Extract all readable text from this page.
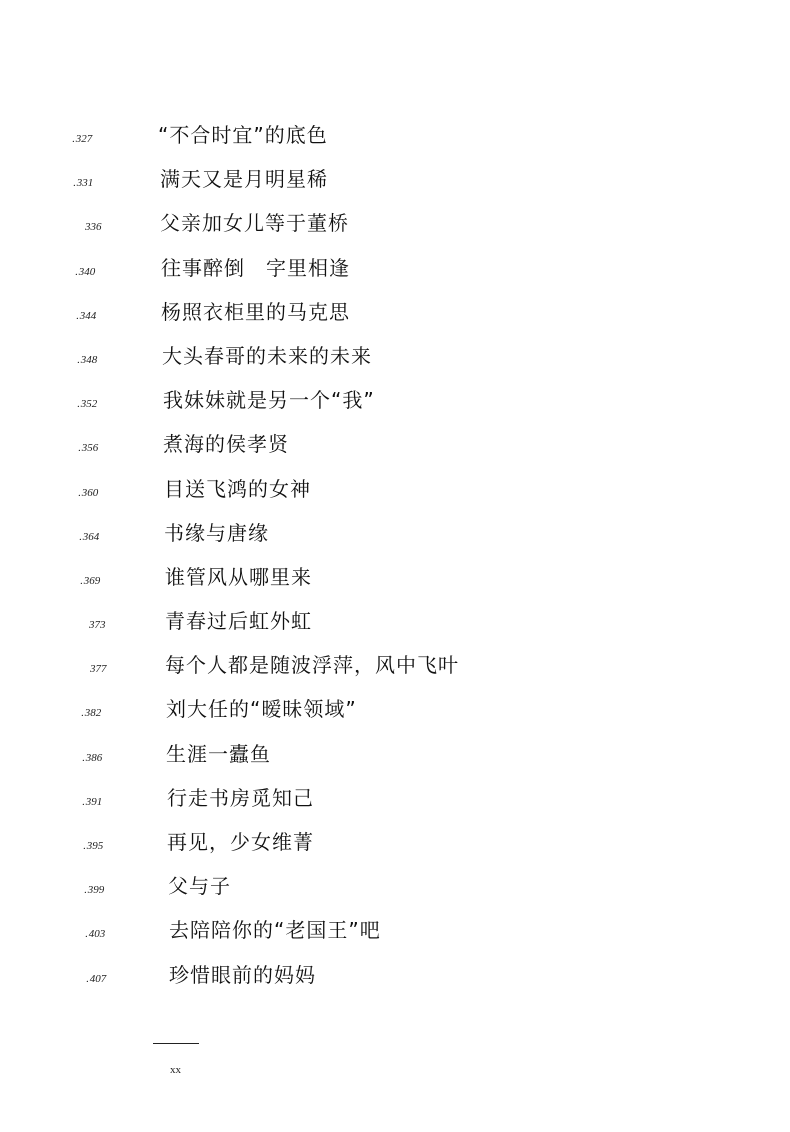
. 327	“不合时宜”的底色
. 331	满天又是月明星稀
336	父亲加女儿等于董桥
. 340	往事醉倒　字里相逢
. 344	杨照衣柜里的马克思
. 348	大头春哥的未来的未来
. 352	我妹妹就是另一个“我”
. 356	煮海的侯孝贤
. 360	目送飞鸿的女神
. 364	书缘与唐缘
. 369	谁管风从哪里来
373	青春过后虹外虹
377	每个人都是随波浮萍，风中飞叶
. 382	刘大任的“暧昧领域”
. 386	生涯一蠹鱼
. 391	行走书房觅知己
. 395	再见，少女维菁
. 399	父与子
. 403	去陪陪你的“老国王”吧
. 407	珍惜眼前的妈妈
xx
